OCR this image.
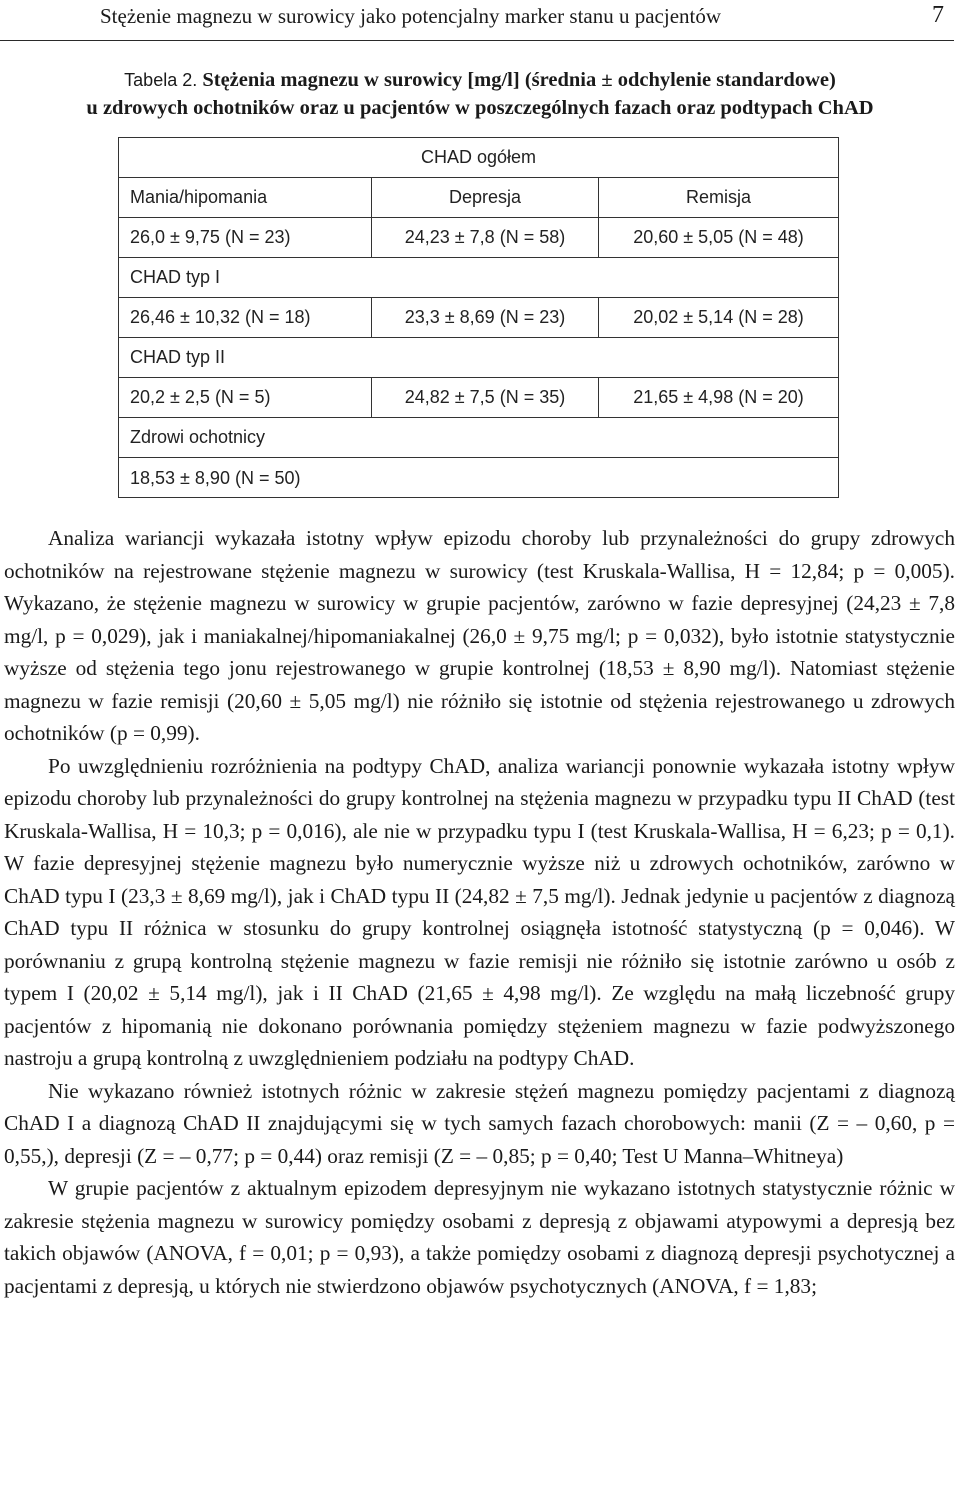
Stężenie magnezu w surowicy jako potencjalny marker stanu u pacjentów	7
Tabela 2. Stężenia magnezu w surowicy [mg/l] (średnia ± odchylenie standardowe)
u zdrowych ochotników oraz u pacjentów w poszczególnych fazach oraz podtypach ChAD
CHAD ogółem
Mania/hipomania	Depresja	Remisja
26,0 ± 9,75 (N = 23)	24,23 ± 7,8 (N = 58)	20,60 ± 5,05 (N = 48)
CHAD typ I
26,46 ± 10,32 (N = 18)	23,3 ± 8,69 (N = 23)	20,02 ± 5,14 (N = 28)
CHAD typ II
20,2 ± 2,5 (N = 5)	24,82 ± 7,5 (N = 35)	21,65 ± 4,98 (N = 20)
Zdrowi ochotnicy
18,53 ± 8,90 (N = 50)

Analiza wariancji wykazała istotny wpływ epizodu choroby lub przynależności do grupy zdrowych ochotników na rejestrowane stężenie magnezu w surowicy (test Kruskala-Wallisa, H = 12,84; p = 0,005). Wykazano, że stężenie magnezu w surowicy w grupie pacjentów, zarówno w fazie depresyjnej (24,23 ± 7,8 mg/l, p = 0,029), jak i maniakalnej/hipomaniakalnej (26,0 ± 9,75 mg/l; p = 0,032), było istotnie statystycznie wyższe od stężenia tego jonu rejestrowanego w grupie kontrolnej (18,53 ± 8,90 mg/l). Natomiast stężenie magnezu w fazie remisji (20,60 ± 5,05 mg/l) nie różniło się istotnie od stężenia rejestrowanego u zdrowych ochotników (p = 0,99).

Po uwzględnieniu rozróżnienia na podtypy ChAD, analiza wariancji ponownie wykazała istotny wpływ epizodu choroby lub przynależności do grupy kontrolnej na stężenia magnezu w przypadku typu II ChAD (test Kruskala-Wallisa, H = 10,3; p = 0,016), ale nie w przypadku typu I (test Kruskala-Wallisa, H = 6,23; p = 0,1). W fazie depresyjnej stężenie magnezu było numerycznie wyższe niż u zdrowych ochotników, zarówno w ChAD typu I (23,3 ± 8,69 mg/l), jak i ChAD typu II (24,82 ± 7,5 mg/l). Jednak jedynie u pacjentów z diagnozą ChAD typu II różnica w stosunku do grupy kontrolnej osiągnęła istotność statystyczną (p = 0,046). W porównaniu z grupą kontrolną stężenie magnezu w fazie remisji nie różniło się istotnie zarówno u osób z typem I (20,02 ± 5,14 mg/l), jak i II ChAD (21,65 ± 4,98 mg/l). Ze względu na małą liczebność grupy pacjentów z hipomanią nie dokonano porównania pomiędzy stężeniem magnezu w fazie podwyższonego nastroju a grupą kontrolną z uwzględnieniem podziału na podtypy ChAD.

Nie wykazano również istotnych różnic w zakresie stężeń magnezu pomiędzy pacjentami z diagnozą ChAD I a diagnozą ChAD II znajdującymi się w tych samych fazach chorobowych: manii (Z = – 0,60, p = 0,55,), depresji (Z = – 0,77; p = 0,44) oraz remisji (Z = – 0,85; p = 0,40; Test U Manna–Whitneya)

W grupie pacjentów z aktualnym epizodem depresyjnym nie wykazano istotnych statystycznie różnic w zakresie stężenia magnezu w surowicy pomiędzy osobami z depresją z objawami atypowymi a depresją bez takich objawów (ANOVA, f = 0,01; p = 0,93), a także pomiędzy osobami z diagnozą depresji psychotycznej a pacjentami z depresją, u których nie stwierdzono objawów psychotycznych (ANOVA, f = 1,83;
